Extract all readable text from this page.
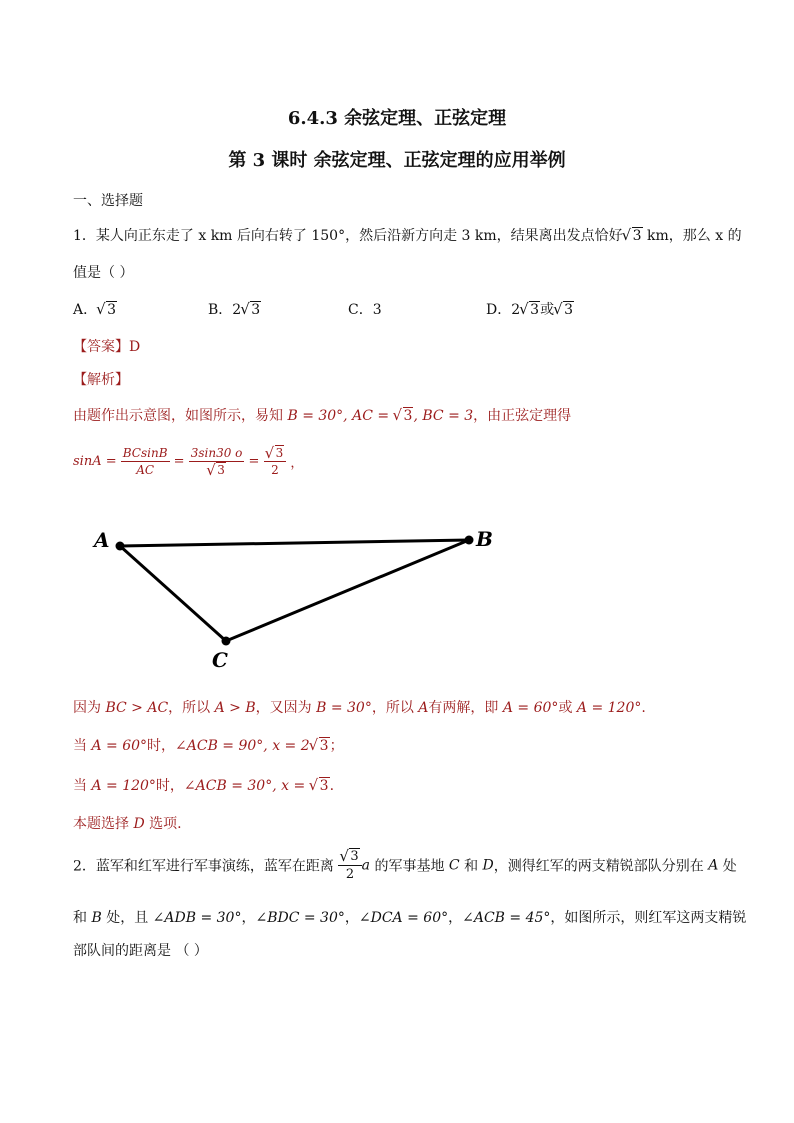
6.4.3 余弦定理、正弦定理
第 3 课时 余弦定理、正弦定理的应用举例
一、选择题
1．某人向正东走了 x km 后向右转了 150°，然后沿新方向走 3 km，结果离出发点恰好 √ 3 km，那么 x 的
值是（ ）
A． √ 3	B．2 √ 3	C．3	D．2 √ 3或 √ 3
【答案】D
【解析】
由题作出示意图，如图所示，易知 B = 30°, AC = √ 3, BC = 3，由正弦定理得
$\sin A = \frac{BCsinB}{AC} = 3\sin 30$ o
√ 3 = √ $\frac{3}{2}$ ，
A	B
C
因为 BC > AC，所以 A > B，又因为 B = 30°，所以 A有两解，即 A = 60°或 A = 120°.
当 A = 60°时，∠ACB = 90°, x = 2 √ 3；
当 A = 120°时，∠ACB = 30°, x = √ 3.
本题选择 D 选项.
2．蓝军和红军进行军事演练，蓝军在距离 √ $\frac{3}{2}$ a 的军事基地 C 和 D，测得红军的两支精锐部队分别在 A 处
和 B 处，且 ∠ADB = 30°，∠BDC = 30°，∠DCA = 60°，∠ACB = 45°，如图所示，则红军这两支精锐
部队间的距离是 （ ）
